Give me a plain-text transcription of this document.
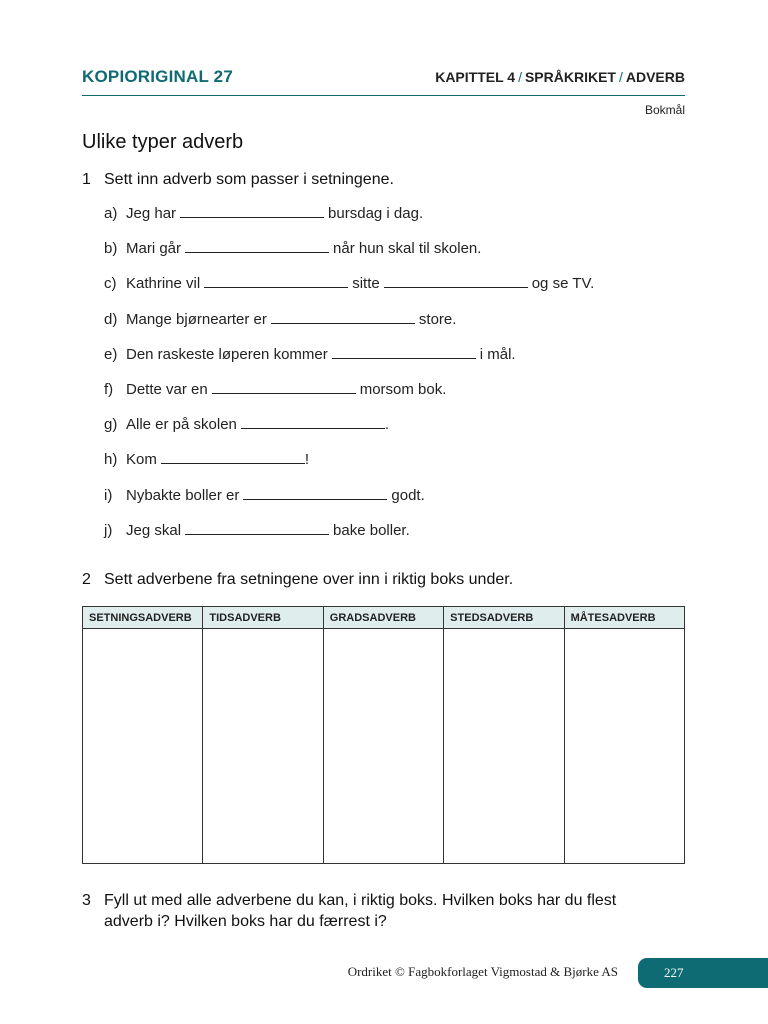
KOPIORIGINAL 27	KAPITTEL 4 / SPRÅKRIKET / ADVERB
Bokmål
Ulike typer adverb
1 Sett inn adverb som passer i setningene.
a) Jeg har	bursdag i dag.
b) Mari går	når hun skal til skolen.
c) Kathrine vil	sitte	og se TV.
d) Mange bjørnearter er	store.
e) Den raskeste løperen kommer	i mål.
f) Dette var en	morsom bok.
g) Alle er på skolen	.
h) Kom	!
i) Nybakte boller er	godt.
j) Jeg skal	bake boller.
2 Sett adverbene fra setningene over inn i riktig boks under.
SETNINGSADVERB	TIDSADVERB	GRADSADVERB	STEDSADVERB	MÅTESADVERB

3 Fyll ut med alle adverbene du kan, i riktig boks. Hvilken boks har du flest
adverb i? Hvilken boks har du færrest i?
Ordriket © Fagbokforlaget Vigmostad & Bjørke AS	227
